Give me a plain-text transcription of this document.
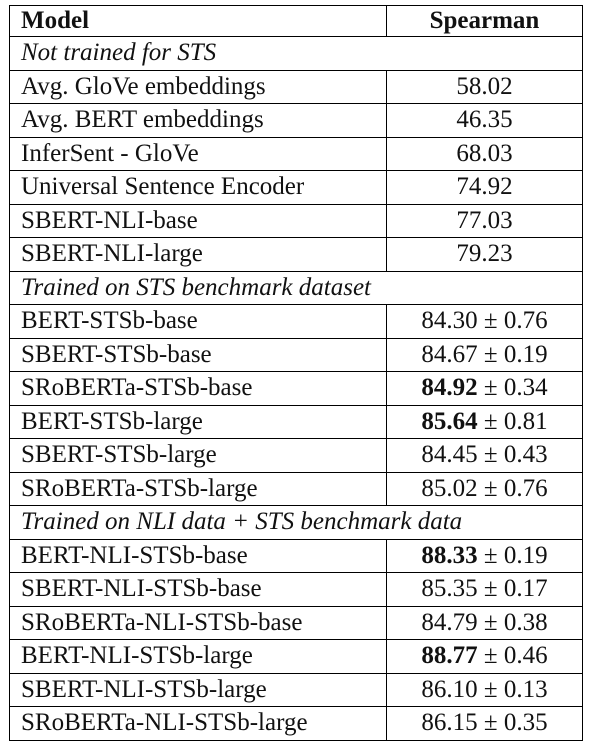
Model	Spearman
Not trained for STS	
Avg. GloVe embeddings	58.02
Avg. BERT embeddings	46.35
InferSent - GloVe	68.03
Universal Sentence Encoder	74.92
SBERT-NLI-base	77.03
SBERT-NLI-large	79.23
Trained on STS benchmark dataset	
BERT-STSb-base	84.30 ± 0.76
SBERT-STSb-base	84.67 ± 0.19
SRoBERTa-STSb-base	84.92 ± 0.34
BERT-STSb-large	85.64 ± 0.81
SBERT-STSb-large	84.45 ± 0.43
SRoBERTa-STSb-large	85.02 ± 0.76
Trained on NLI data + STS benchmark data	
BERT-NLI-STSb-base	88.33 ± 0.19
SBERT-NLI-STSb-base	85.35 ± 0.17
SRoBERTa-NLI-STSb-base	84.79 ± 0.38
BERT-NLI-STSb-large	88.77 ± 0.46
SBERT-NLI-STSb-large	86.10 ± 0.13
SRoBERTa-NLI-STSb-large	86.15 ± 0.35
